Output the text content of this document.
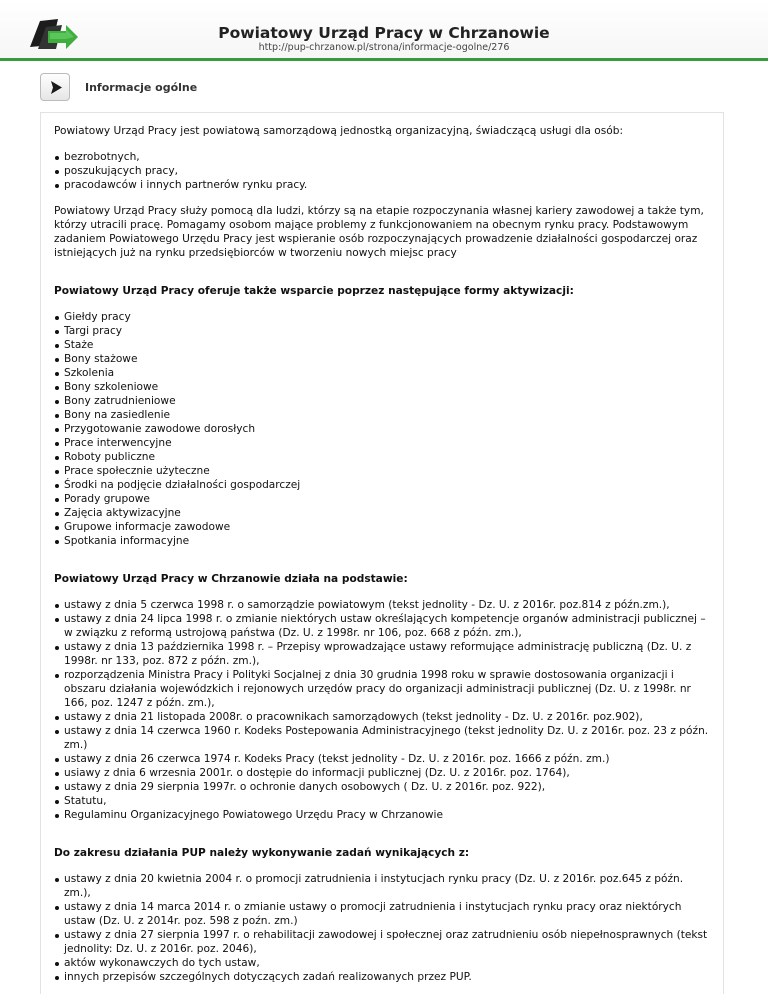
Powiatowy Urząd Pracy w Chrzanowie
http://pup-chrzanow.pl/strona/informacje-ogolne/276
Informacje ogólne

Powiatowy Urząd Pracy jest powiatową samorządową jednostką organizacyjną, świadczącą usługi dla osób:

bezrobotnych,
poszukujących pracy,
pracodawców i innych partnerów rynku pracy.

Powiatowy Urząd Pracy służy pomocą dla ludzi, którzy są na etapie rozpoczynania własnej kariery zawodowej a także tym, którzy utracili pracę. Pomagamy osobom mające problemy z funkcjonowaniem na obecnym rynku pracy. Podstawowym zadaniem Powiatowego Urzędu Pracy jest wspieranie osób rozpoczynających prowadzenie działalności gospodarczej oraz istniejących już na rynku przedsiębiorców w tworzeniu nowych miejsc pracy

Powiatowy Urząd Pracy oferuje także wsparcie poprzez następujące formy aktywizacji:
Giełdy pracy
Targi pracy
Staże
Bony stażowe
Szkolenia
Bony szkoleniowe
Bony zatrudnieniowe
Bony na zasiedlenie
Przygotowanie zawodowe dorosłych
Prace interwencyjne
Roboty publiczne
Prace społecznie użyteczne
Środki na podjęcie działalności gospodarczej
Porady grupowe
Zajęcia aktywizacyjne
Grupowe informacje zawodowe
Spotkania informacyjne
Powiatowy Urząd Pracy w Chrzanowie działa na podstawie:
ustawy z dnia 5 czerwca 1998 r. o samorządzie powiatowym (tekst jednolity - Dz. U. z 2016r. poz.814 z późn.zm.),
ustawy z dnia 24 lipca 1998 r. o zmianie niektórych ustaw określających kompetencje organów administracji publicznej – w związku z reformą ustrojową państwa (Dz. U. z 1998r. nr 106, poz. 668 z późn. zm.),
ustawy z dnia 13 października 1998 r. – Przepisy wprowadzające ustawy reformujące administrację publiczną (Dz. U. z 1998r. nr 133, poz. 872 z późn. zm.),
rozporządzenia Ministra Pracy i Polityki Socjalnej z dnia 30 grudnia 1998 roku w sprawie dostosowania organizacji i obszaru działania wojewódzkich i rejonowych urzędów pracy do organizacji administracji publicznej (Dz. U. z 1998r. nr 166, poz. 1247 z późn. zm.),
ustawy z dnia 21 listopada 2008r. o pracownikach samorządowych (tekst jednolity - Dz. U. z 2016r. poz.902),
ustawy z dnia 14 czerwca 1960 r. Kodeks Postepowania Administracyjnego (tekst jednolity Dz. U. z 2016r. poz. 23 z późn. zm.)
ustawy z dnia 26 czerwca 1974 r. Kodeks Pracy (tekst jednolity - Dz. U. z 2016r. poz. 1666 z późn. zm.)
usiawy z dnia 6 wrzesnia 2001r. o dostępie do informacji publicznej (Dz. U. z 2016r. poz. 1764),
ustawy z dnia 29 sierpnia 1997r. o ochronie danych osobowych ( Dz. U. z 2016r. poz. 922),
Statutu,
Regulaminu Organizacyjnego Powiatowego Urzędu Pracy w Chrzanowie
Do zakresu działania PUP należy wykonywanie zadań wynikających z:
ustawy z dnia 20 kwietnia 2004 r. o promocji zatrudnienia i instytucjach rynku pracy (Dz. U. z 2016r. poz.645 z późn. zm.),
ustawy z dnia 14 marca 2014 r. o zmianie ustawy o promocji zatrudnienia i instytucjach rynku pracy oraz niektórych ustaw (Dz. U. z 2014r. poz. 598 z poźn. zm.)
ustawy z dnia 27 sierpnia 1997 r. o rehabilitacji zawodowej i społecznej oraz zatrudnieniu osób niepełnosprawnych (tekst jednolity: Dz. U. z 2016r. poz. 2046),
aktów wykonawczych do tych ustaw,
innych przepisów szczególnych dotyczących zadań realizowanych przez PUP.
